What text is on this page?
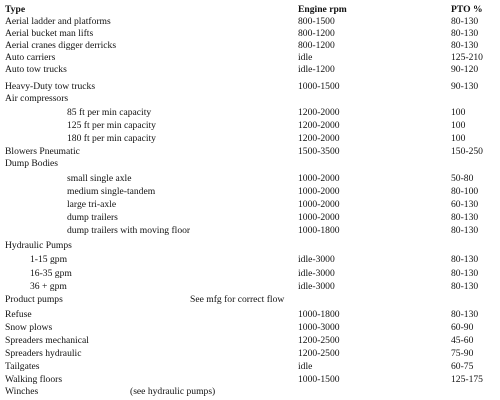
Type	Engine rpm	PTO %
Aerial ladder and platforms	800-1500	80-130
Aerial bucket man lifts	800-1200	80-130
Aerial cranes digger derricks	800-1200	80-130
Auto carriers	idle	125-210
Auto tow trucks	idle-1200	90-120
Heavy-Duty tow trucks	1000-1500	90-130
Air compressors
85 ft per min capacity	1200-2000	100
125 ft per min capacity	1200-2000	100
180 ft per min capacity	1200-2000	100
Blowers Pneumatic	1500-3500	150-250
Dump Bodies
small single axle	1000-2000	50-80
medium single-tandem	1000-2000	80-100
large tri-axle	1000-2000	60-130
dump trailers	1000-2000	80-130
dump trailers with moving floor	1000-1800	80-130
Hydraulic Pumps
1-15 gpm	idle-3000	80-130
16-35 gpm	idle-3000	80-130
36 + gpm	idle-3000	80-130
Product pumps	See mfg for correct flow
Refuse	1000-1800	80-130
Snow plows	1000-3000	60-90
Spreaders mechanical	1200-2500	45-60
Spreaders hydraulic	1200-2500	75-90
Tailgates	idle	60-75
Walking floors	1000-1500	125-175
Winches	(see hydraulic pumps)
